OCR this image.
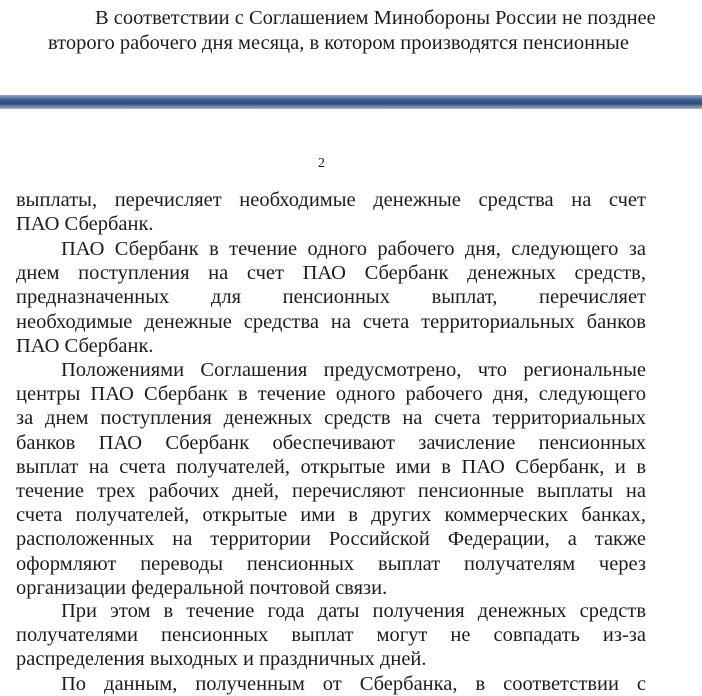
В соответствии с Соглашением Минобороны России не позднее
второго рабочего дня месяца, в котором производятся пенсионные
2

выплаты, перечисляет необходимые денежные средства на счет
ПАО Сбербанк.

ПАО Сбербанк в течение одного рабочего дня, следующего за
днем поступления на счет ПАО Сбербанк денежных средств,
предназначенных для пенсионных выплат, перечисляет
необходимые денежные средства на счета территориальных банков
ПАО Сбербанк.

Положениями Соглашения предусмотрено, что региональные
центры ПАО Сбербанк в течение одного рабочего дня, следующего
за днем поступления денежных средств на счета территориальных
банков ПАО Сбербанк обеспечивают зачисление пенсионных
выплат на счета получателей, открытые ими в ПАО Сбербанк, и в
течение трех рабочих дней, перечисляют пенсионные выплаты на
счета получателей, открытые ими в других коммерческих банках,
расположенных на территории Российской Федерации, а также
оформляют переводы пенсионных выплат получателям через
организации федеральной почтовой связи.

При этом в течение года даты получения денежных средств
получателями пенсионных выплат могут не совпадать из-за
распределения выходных и праздничных дней.

По данным, полученным от Сбербанка, в соответствии с
